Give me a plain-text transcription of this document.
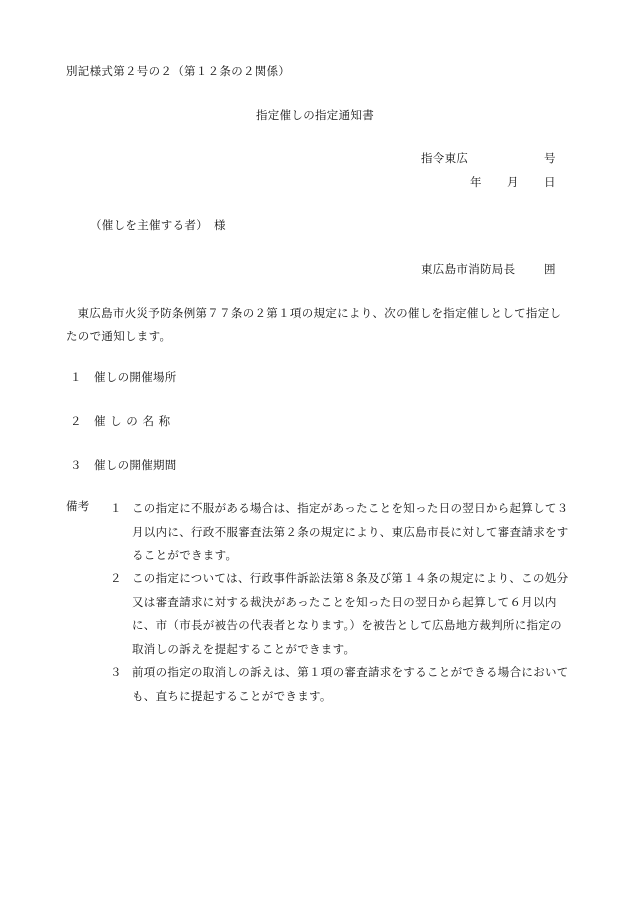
別記様式第２号の２（第１２条の２関係）
指定催しの指定通知書
指令東広	号
年 月 日
（催しを主催する者） 様
東広島市消防局長 囲
東広島市火災予防条例第７７条の２第１項の規定により、次の催しを指定催しとして指定したので通知します。
１ 催しの開催場所
２ 催 し の 名 称
３ 催しの開催期間
備考 １ この指定に不服がある場合は、指定があったことを知った日の翌日から起算して３月以内に、行政不服審査法第２条の規定により、東広島市長に対して審査請求をすることができます。
２ この指定については、行政事件訴訟法第８条及び第１４条の規定により、この処分又は審査請求に対する裁決があったことを知った日の翌日から起算して６月以内に、市（市長が被告の代表者となります。）を被告として広島地方裁判所に指定の取消しの訴えを提起することができます。
３ 前項の指定の取消しの訴えは、第１項の審査請求をすることができる場合においても、直ちに提起することができます。
